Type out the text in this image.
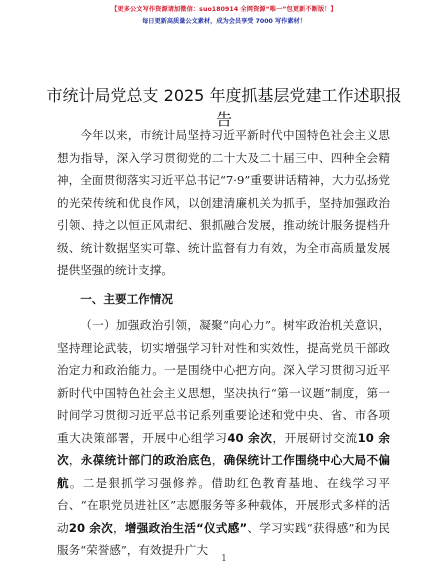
【更多公文写作资源请加微信：suo180914 全网资源“唯一”包更新不断版！】
每日更新高质量公文素材，成为会员享受 7000 写作素材！
市统计局党总支 2025 年度抓基层党建工作述职报告

今年以来，市统计局坚持习近平新时代中国特色社会主义思想为指导，深入学习贯彻党的二十大及二十届三中、四种全会精神，全面贯彻落实习近平总书记“7·9”重要讲话精神，大力弘扬党的光荣传统和优良作风，以创建清廉机关为抓手，坚持加强政治引领、持之以恒正风肃纪、狠抓融合发展，推动统计服务提档升级、统计数据坚实可靠、统计监督有力有效，为全市高质量发展提供坚强的统计支撑。

一、主要工作情况

（一）加强政治引领，凝聚“向心力”。树牢政治机关意识，坚持理论武装，切实增强学习针对性和实效性，提高党员干部政治定力和政治能力。一是围绕中心把方向。深入学习贯彻习近平新时代中国特色社会主义思想，坚决执行“第一议题”制度，第一时间学习贯彻习近平总书记系列重要论述和党中央、省、市各项重大决策部署，开展中心组学习40 余次，开展研讨交流10 余次，永葆统计部门的政治底色，确保统计工作围绕中心大局不偏航。二是狠抓学习强修养。借助红色教育基地、在线学习平台、“在职党员进社区”志愿服务等多种载体，开展形式多样的活动20 余次，增强政治生活“仪式感”、学习实践“获得感”和为民服务“荣誉感”，有效提升广大

1
